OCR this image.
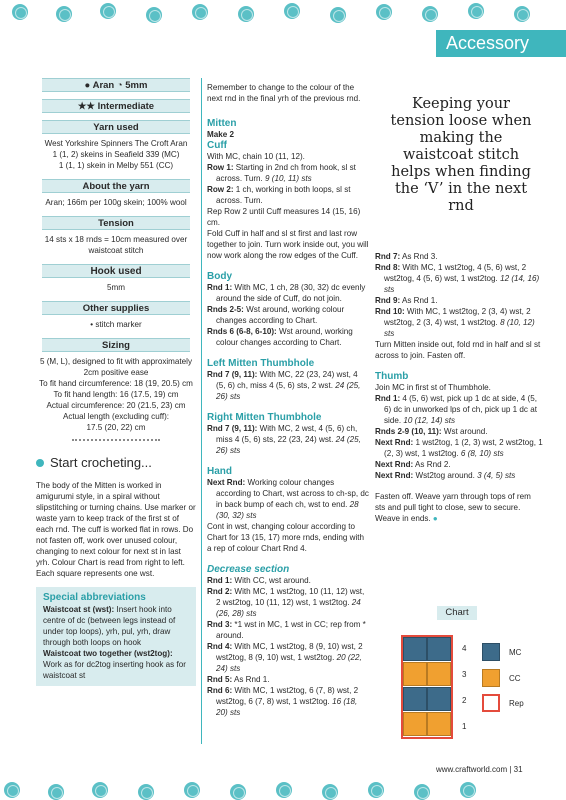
Accessory
● Aran ◔ 5mm
★★ Intermediate
Yarn used
West Yorkshire Spinners The Croft Aran
1 (1, 2) skeins in Seafield 339 (MC)
1 (1, 1) skein in Melby 551 (CC)
About the yarn
Aran; 166m per 100g skein; 100% wool
Tension
14 sts x 18 rnds = 10cm measured over waistcoat stitch
Hook used
5mm
Other supplies
• stitch marker
Sizing
5 (M, L), designed to fit with approximately 2cm positive ease
To fit hand circumference: 18 (19, 20.5) cm
To fit hand length: 16 (17.5, 19) cm
Actual circumference: 20 (21.5, 23) cm
Actual length (excluding cuff):
17.5 (20, 22) cm
Start crocheting...
The body of the Mitten is worked in amigurumi style, in a spiral without slipstitching or turning chains. Use marker or waste yarn to keep track of the first st of each rnd. The cuff is worked flat in rows. Do not fasten off, work over unused colour, changing to next colour for next st in last yrh. Colour Chart is read from right to left. Each square represents one wst.
Special abbreviations
Waistcoat st (wst): Insert hook into centre of dc (between legs instead of under top loops), yrh, pul, yrh, draw through both loops on hook
Waistcoat two together (wst2tog): Work as for dc2tog inserting hook as for waistcoat st
Remember to change to the colour of the next rnd in the final yrh of the previous rnd.
Mitten
Make 2
Cuff
With MC, chain 10 (11, 12).
Row 1: Starting in 2nd ch from hook, sl st across. Turn. 9 (10, 11) sts
Row 2: 1 ch, working in both loops, sl st across. Turn.
Rep Row 2 until Cuff measures 14 (15, 16) cm.
Fold Cuff in half and sl st first and last row together to join. Turn work inside out, you will now work along the row edges of the Cuff.
Body
Rnd 1: With MC, 1 ch, 28 (30, 32) dc evenly around the side of Cuff, do not join.
Rnds 2-5: Wst around, working colour changes according to Chart.
Rnds 6 (6-8, 6-10): Wst around, working colour changes according to Chart.
Left Mitten Thumbhole
Rnd 7 (9, 11): With MC, 22 (23, 24) wst, 4 (5, 6) ch, miss 4 (5, 6) sts, 2 wst. 24 (25, 26) sts
Right Mitten Thumbhole
Rnd 7 (9, 11): With MC, 2 wst, 4 (5, 6) ch, miss 4 (5, 6) sts, 22 (23, 24) wst. 24 (25, 26) sts
Hand
Next Rnd: Working colour changes according to Chart, wst across to ch-sp, dc in back bump of each ch, wst to end. 28 (30, 32) sts
Cont in wst, changing colour according to Chart for 13 (15, 17) more rnds, ending with a rep of colour Chart Rnd 4.
Decrease section
Rnd 1: With CC, wst around.
Rnd 2: With MC, 1 wst2tog, 10 (11, 12) wst, 2 wst2tog, 10 (11, 12) wst, 1 wst2tog. 24 (26, 28) sts
Rnd 3: *1 wst in MC, 1 wst in CC; rep from * around.
Rnd 4: With MC, 1 wst2tog, 8 (9, 10) wst, 2 wst2tog, 8 (9, 10) wst, 1 wst2tog. 20 (22, 24) sts
Rnd 5: As Rnd 1.
Rnd 6: With MC, 1 wst2tog, 6 (7, 8) wst, 2 wst2tog, 6 (7, 8) wst, 1 wst2tog. 16 (18, 20) sts
Keeping your tension loose when making the waistcoat stitch helps when finding the ‘V’ in the next rnd
Rnd 7: As Rnd 3.
Rnd 8: With MC, 1 wst2tog, 4 (5, 6) wst, 2 wst2tog, 4 (5, 6) wst, 1 wst2tog. 12 (14, 16) sts
Rnd 9: As Rnd 1.
Rnd 10: With MC, 1 wst2tog, 2 (3, 4) wst, 2 wst2tog, 2 (3, 4) wst, 1 wst2tog. 8 (10, 12) sts
Turn Mitten inside out, fold rnd in half and sl st across to join. Fasten off.
Thumb
Join MC in first st of Thumbhole.
Rnd 1: 4 (5, 6) wst, pick up 1 dc at side, 4 (5, 6) dc in unworked lps of ch, pick up 1 dc at side. 10 (12, 14) sts
Rnds 2-9 (10, 11): Wst around.
Next Rnd: 1 wst2tog, 1 (2, 3) wst, 2 wst2tog, 1 (2, 3) wst, 1 wst2tog. 6 (8, 10) sts
Next Rnd: As Rnd 2.
Next Rnd: Wst2tog around. 3 (4, 5) sts
Fasten off. Weave yarn through tops of rem sts and pull tight to close, sew to secure. Weave in ends. ●
Chart
4
3
2
1
MC
CC
Rep
www.craftworld.com | 31
